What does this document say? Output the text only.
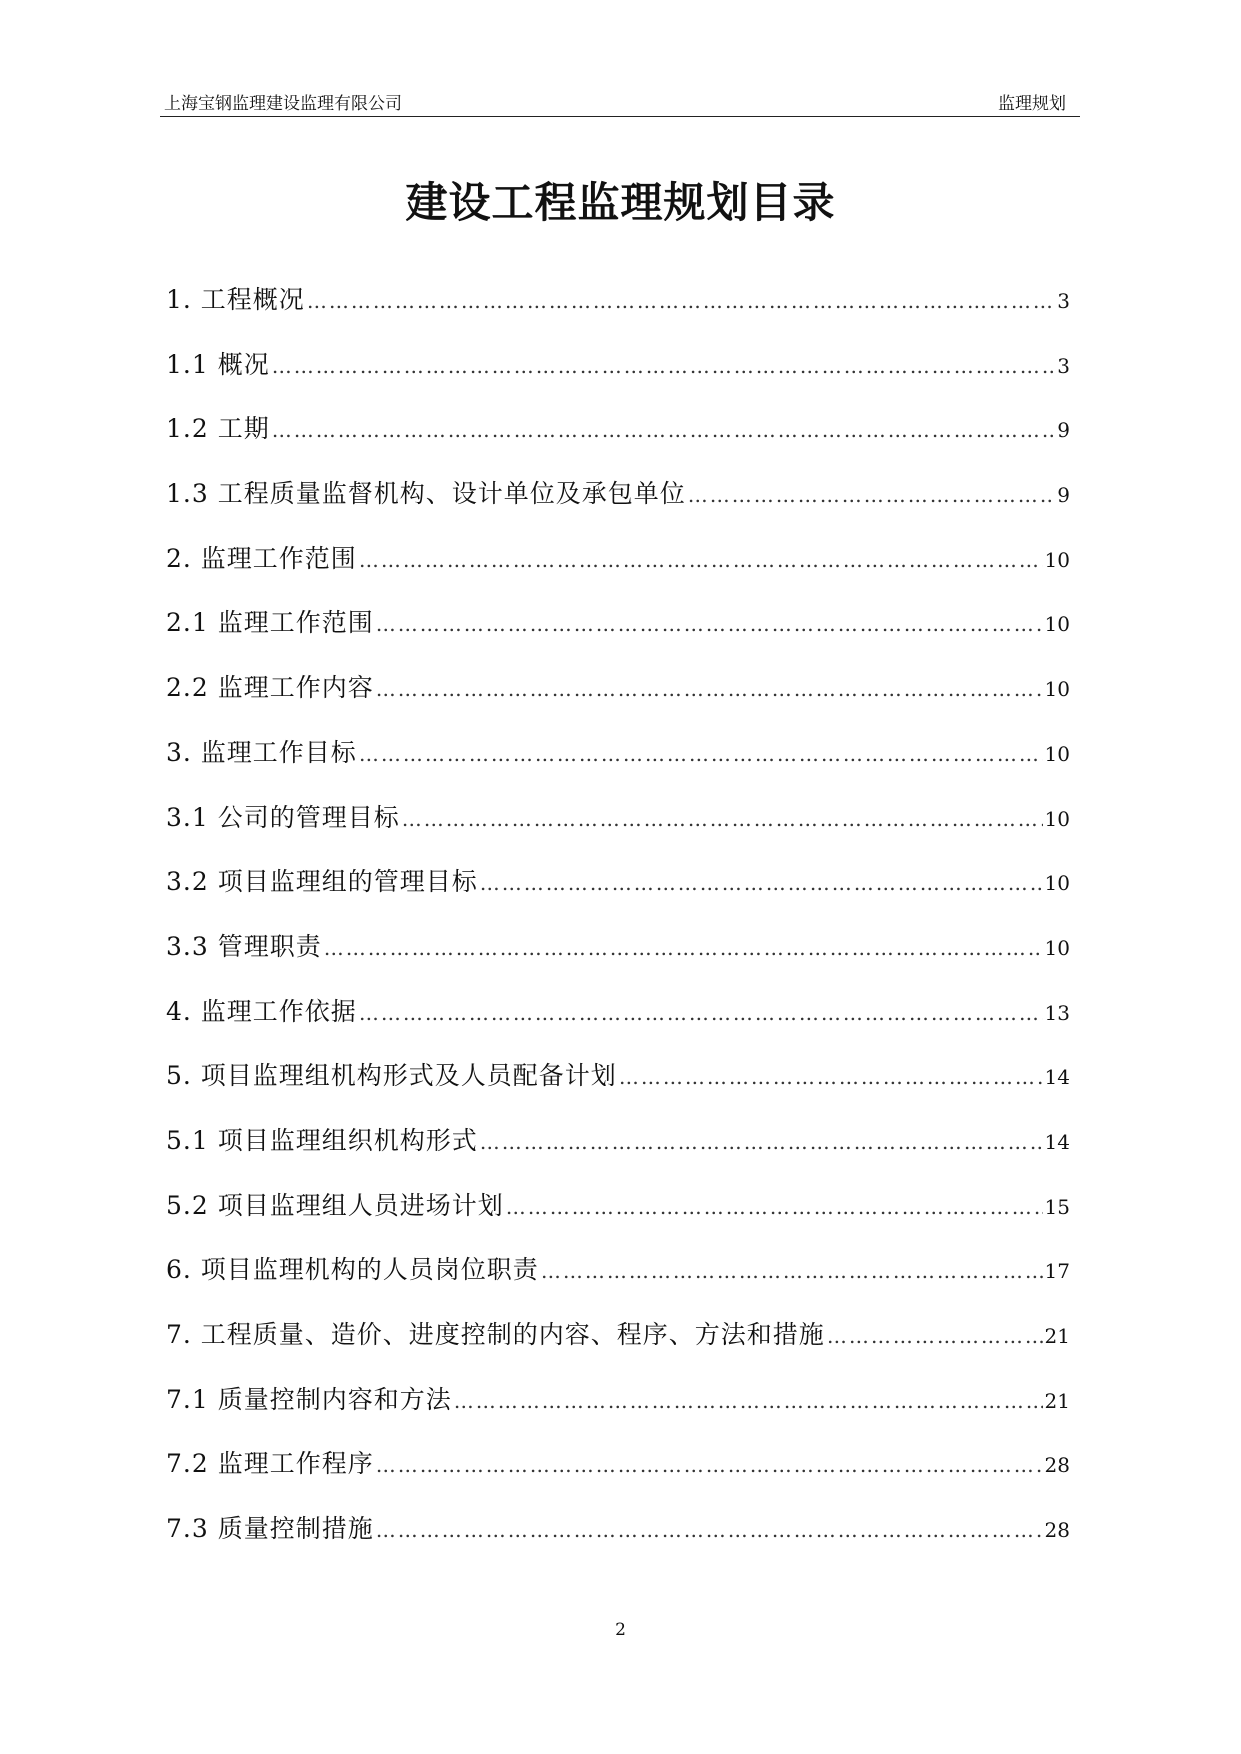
上海宝钢监理建设监理有限公司	监理规划
建设工程监理规划目录
1. 工程概况 ……………………………………………………………………………………………………………………………………………	3
1.1 概况 ……………………………………………………………………………………………………………………………………………	3
1.2 工期 ……………………………………………………………………………………………………………………………………………	9
1.3 工程质量监督机构、设计单位及承包单位 ……………………………………………………………………………………………………………………………………………	9
2. 监理工作范围 ……………………………………………………………………………………………………………………………………………	10
2.1 监理工作范围 ……………………………………………………………………………………………………………………………………………	10
2.2 监理工作内容 ……………………………………………………………………………………………………………………………………………	10
3. 监理工作目标 ……………………………………………………………………………………………………………………………………………	10
3.1 公司的管理目标 ……………………………………………………………………………………………………………………………………………	10
3.2 项目监理组的管理目标 ……………………………………………………………………………………………………………………………………………	10
3.3 管理职责 ……………………………………………………………………………………………………………………………………………	10
4. 监理工作依据 ……………………………………………………………………………………………………………………………………………	13
5. 项目监理组机构形式及人员配备计划 ……………………………………………………………………………………………………………………………………………	14
5.1 项目监理组织机构形式 ……………………………………………………………………………………………………………………………………………	14
5.2 项目监理组人员进场计划 ……………………………………………………………………………………………………………………………………………	15
6. 项目监理机构的人员岗位职责 ……………………………………………………………………………………………………………………………………………	17
7. 工程质量、造价、进度控制的内容、程序、方法和措施 ……………………………………………………………………………………………………………………………………………	21
7.1 质量控制内容和方法 ……………………………………………………………………………………………………………………………………………	21
7.2 监理工作程序 ……………………………………………………………………………………………………………………………………………	28
7.3 质量控制措施 ……………………………………………………………………………………………………………………………………………	28
2
